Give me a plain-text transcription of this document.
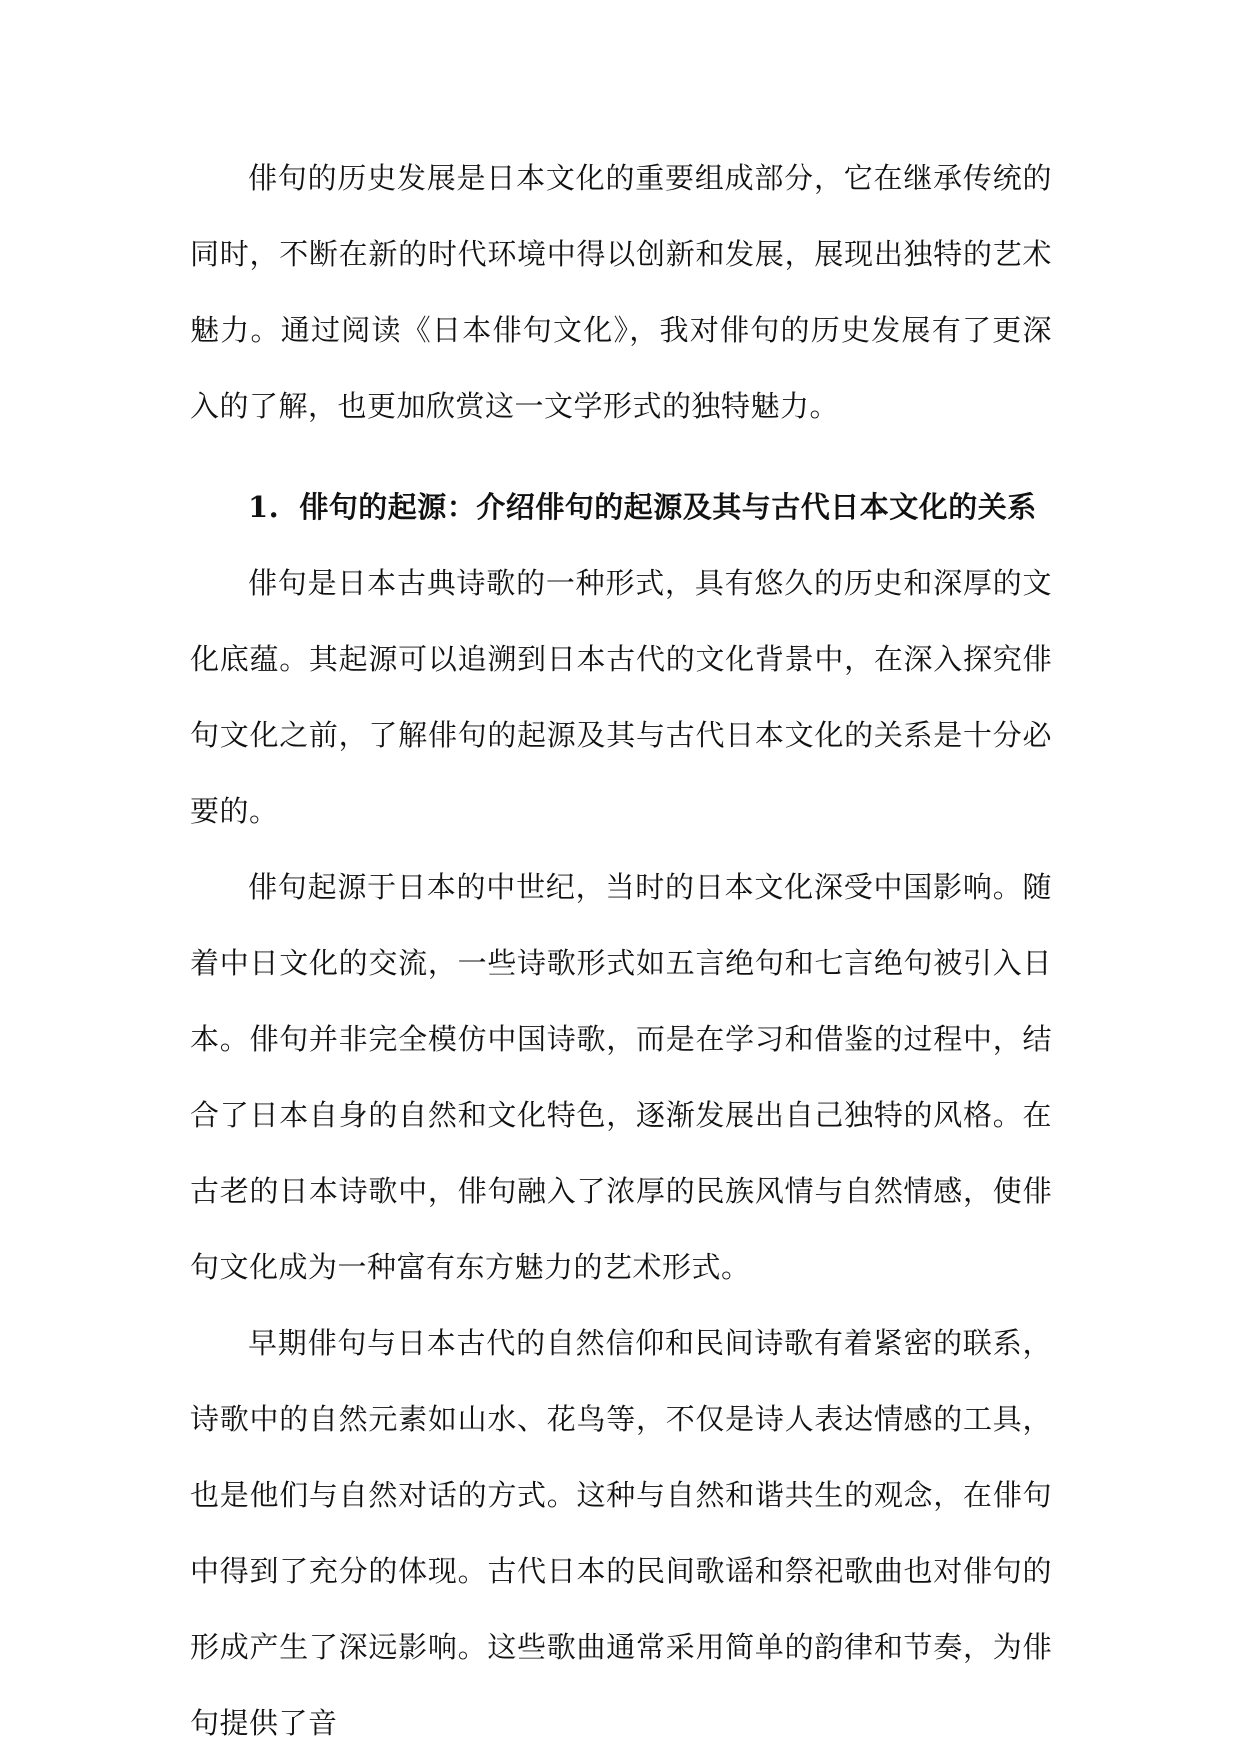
俳句的历史发展是日本文化的重要组成部分，它在继承传统的同时，不断在新的时代环境中得以创新和发展，展现出独特的艺术魅力。通过阅读《日本俳句文化》，我对俳句的历史发展有了更深入的了解，也更加欣赏这一文学形式的独特魅力。

1. 俳句的起源：介绍俳句的起源及其与古代日本文化的关系

俳句是日本古典诗歌的一种形式，具有悠久的历史和深厚的文化底蕴。其起源可以追溯到日本古代的文化背景中，在深入探究俳句文化之前，了解俳句的起源及其与古代日本文化的关系是十分必要的。

俳句起源于日本的中世纪，当时的日本文化深受中国影响。随着中日文化的交流，一些诗歌形式如五言绝句和七言绝句被引入日本。俳句并非完全模仿中国诗歌，而是在学习和借鉴的过程中，结合了日本自身的自然和文化特色，逐渐发展出自己独特的风格。在古老的日本诗歌中，俳句融入了浓厚的民族风情与自然情感，使俳句文化成为一种富有东方魅力的艺术形式。

早期俳句与日本古代的自然信仰和民间诗歌有着紧密的联系，诗歌中的自然元素如山水、花鸟等，不仅是诗人表达情感的工具，也是他们与自然对话的方式。这种与自然和谐共生的观念，在俳句中得到了充分的体现。古代日本的民间歌谣和祭祀歌曲也对俳句的形成产生了深远影响。这些歌曲通常采用简单的韵律和节奏，为俳句提供了音
